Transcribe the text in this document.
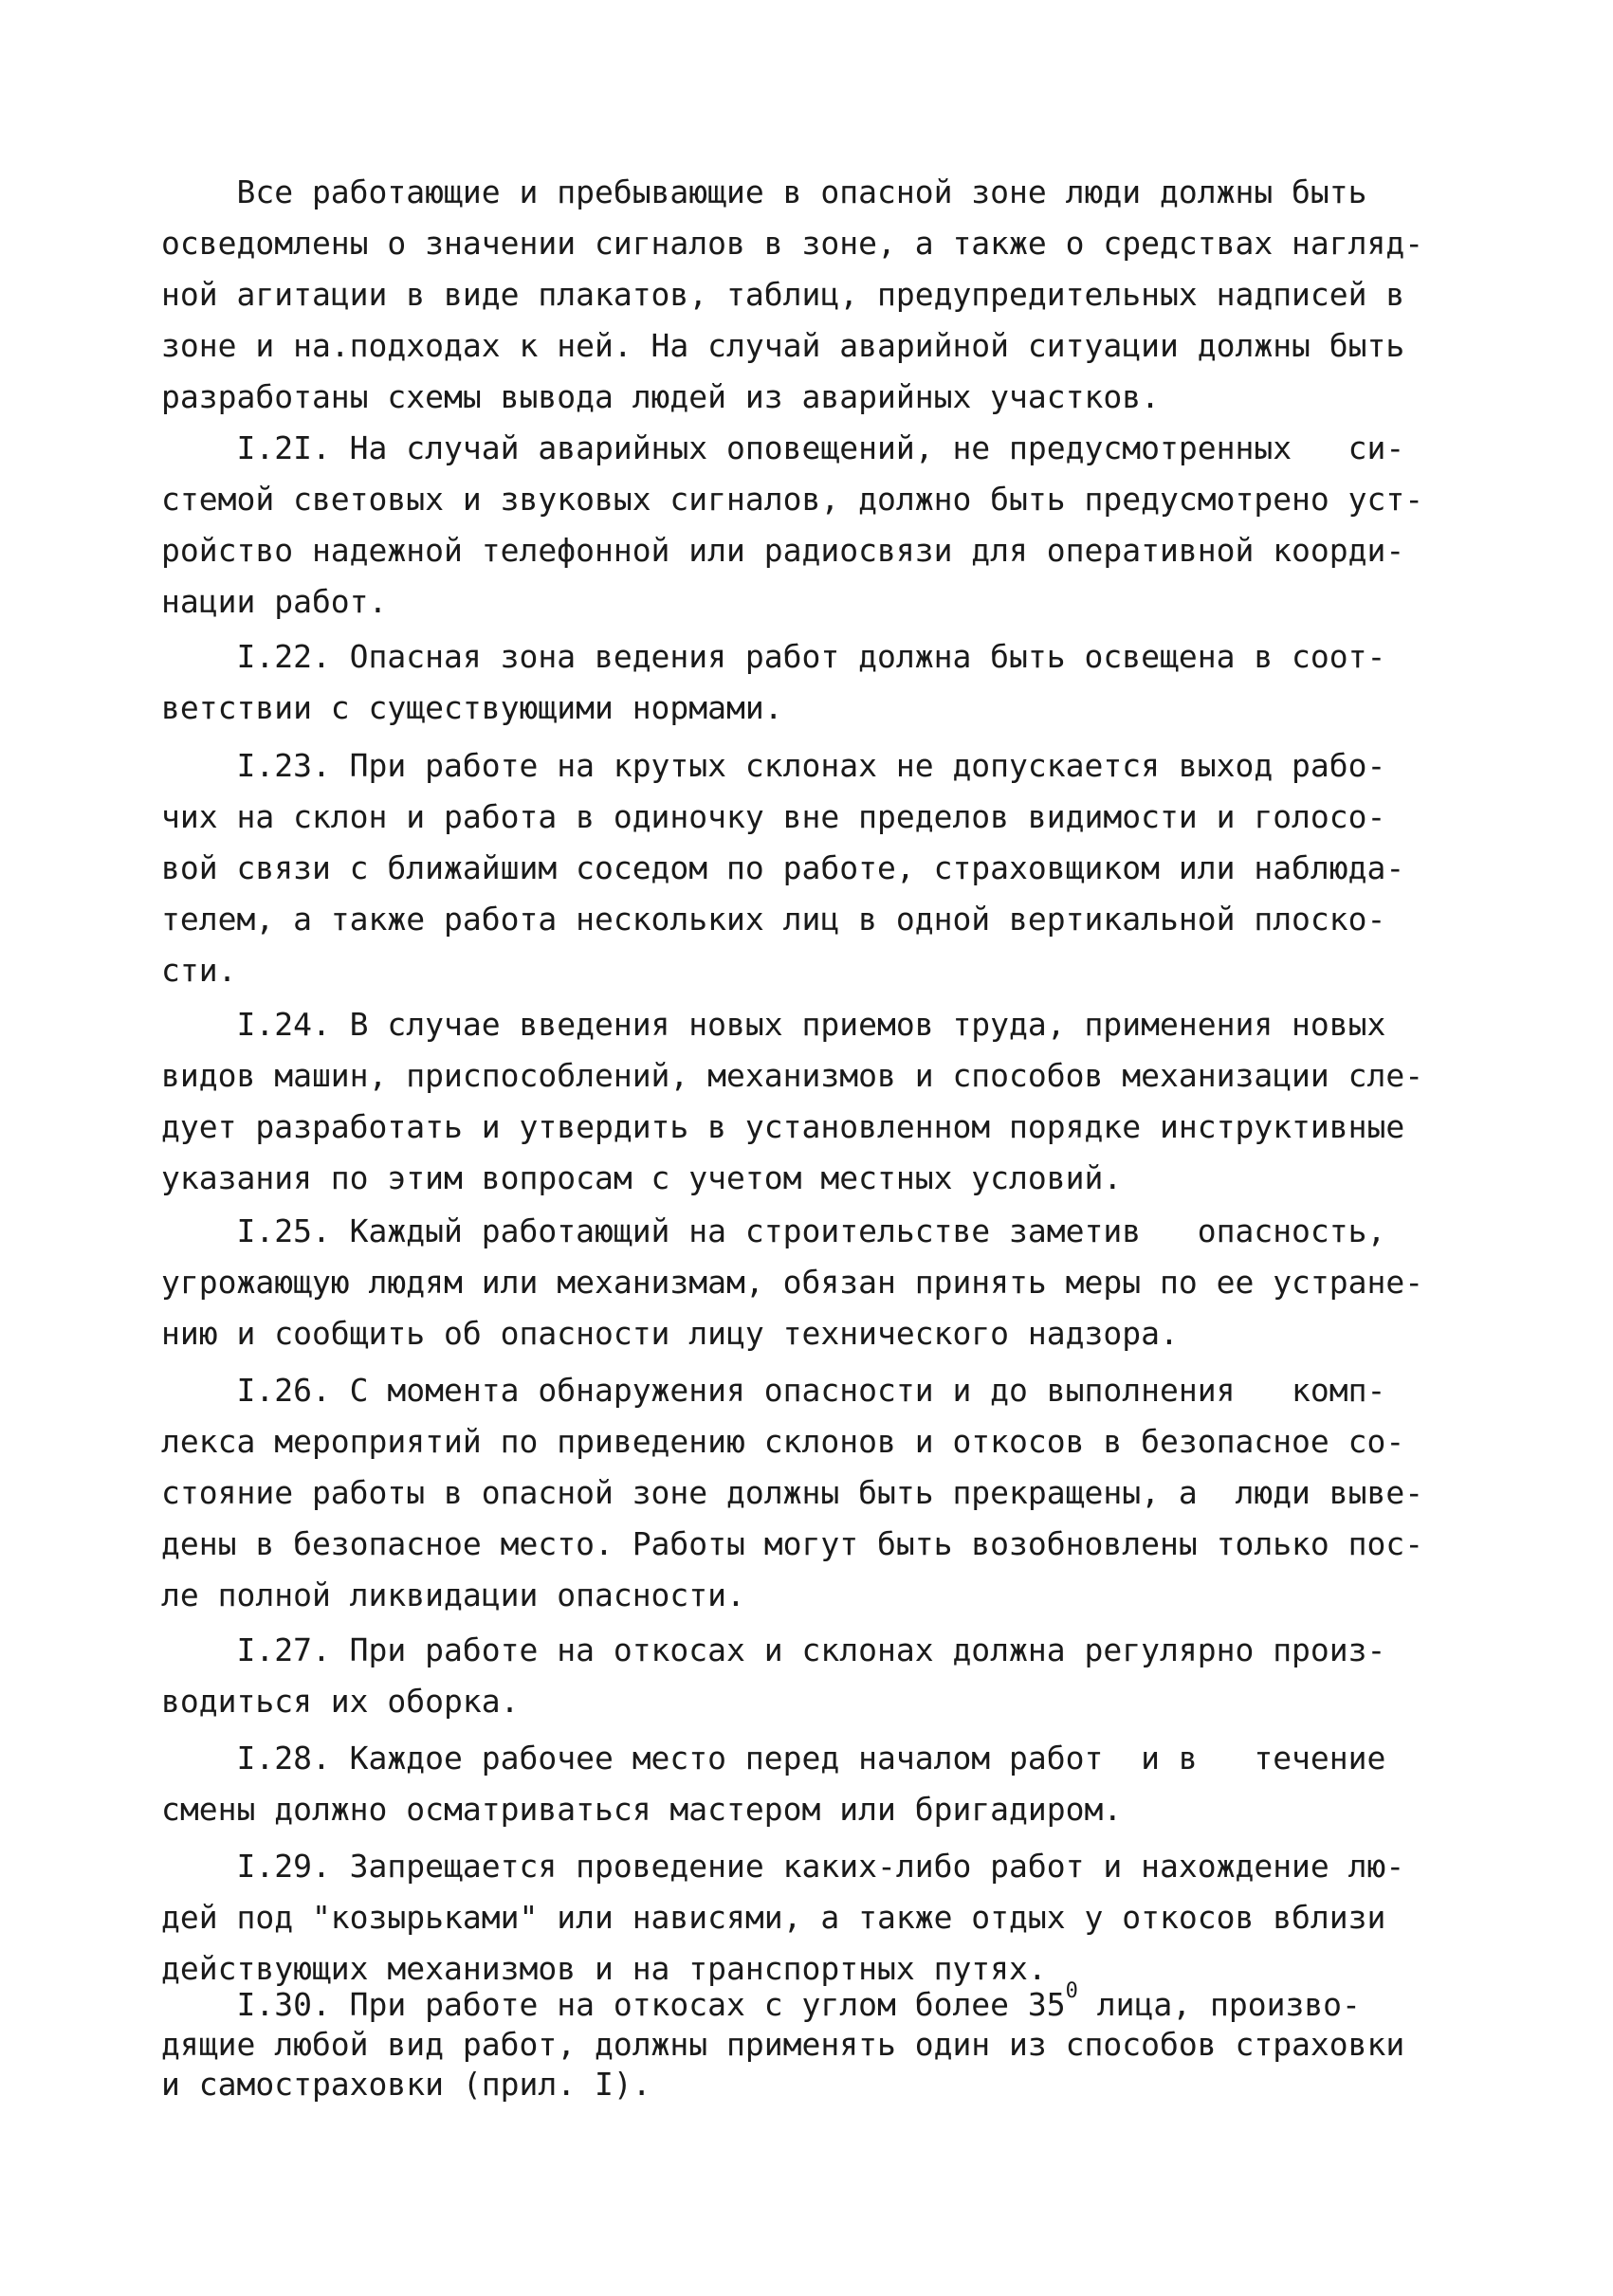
Все работающие и пребывающие в опасной зоне люди должны быть
осведомлены о значении сигналов в зоне, а также о средствах нагляд-
ной агитации в виде плакатов, таблиц, предупредительных надписей в
зоне и на.подходах к ней. На случай аварийной ситуации должны быть
разработаны схемы вывода людей из аварийных участков.
I.2I. На случай аварийных оповещений, не предусмотренных   си-
стемой световых и звуковых сигналов, должно быть предусмотрено уст-
ройство надежной телефонной или радиосвязи для оперативной коорди-
нации работ.
I.22. Опасная зона ведения работ должна быть освещена в соот-
ветствии с существующими нормами.
I.23. При работе на крутых склонах не допускается выход рабо-
чих на склон и работа в одиночку вне пределов видимости и голосо-
вой связи с ближайшим соседом по работе, страховщиком или наблюда-
телем, а также работа нескольких лиц в одной вертикальной плоско-
сти.
I.24. В случае введения новых приемов труда, применения новых
видов машин, приспособлений, механизмов и способов механизации сле-
дует разработать и утвердить в установленном порядке инструктивные
указания по этим вопросам с учетом местных условий.
I.25. Каждый работающий на строительстве заметив   опасность,
угрожающую людям или механизмам, обязан принять меры по ее устране-
нию и сообщить об опасности лицу технического надзора.
I.26. С момента обнаружения опасности и до выполнения   комп-
лекса мероприятий по приведению склонов и откосов в безопасное со-
стояние работы в опасной зоне должны быть прекращены, а  люди выве-
дены в безопасное место. Работы могут быть возобновлены только пос-
ле полной ликвидации опасности.
I.27. При работе на откосах и склонах должна регулярно произ-
водиться их оборка.
I.28. Каждое рабочее место перед началом работ  и в   течение
смены должно осматриваться мастером или бригадиром.
I.29. Запрещается проведение каких-либо работ и нахождение лю-
дей под "козырьками" или нависями, а также отдых у откосов вблизи
действующих механизмов и на транспортных путях.
I.30. При работе на откосах с углом более $35^0$ лица, произво-
дящие любой вид работ, должны применять один из способов страховки
и самостраховки (прил. I).
